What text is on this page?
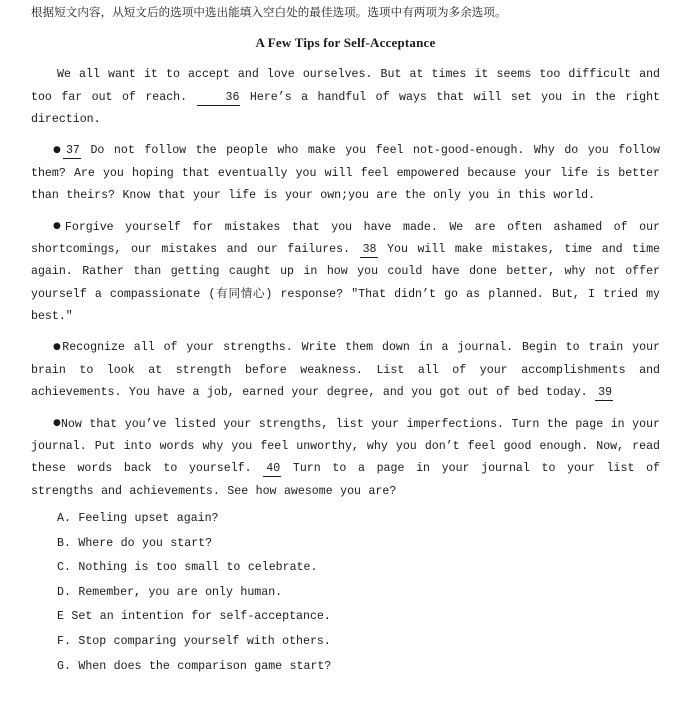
根据短文内容，从短文后的选项中选出能填入空白处的最佳选项。选项中有两项为多余选项。
A Few Tips for Self-Acceptance

We all want it to accept and love ourselves. But at times it seems too difficult and too far out of reach.	36 Here’s a handful of ways that will set you in the right direction.

● 37 Do not follow the people who make you feel not-good-enough. Why do you follow them? Are you hoping that eventually you will feel empowered because your life is better than theirs? Know that your life is your own;you are the only you in this world.

●Forgive yourself for mistakes that you have made. We are often ashamed of our shortcomings, our mistakes and our failures. 38 You will make mistakes, time and time again. Rather than getting caught up in how you could have done better, why not offer yourself a compassionate (有同情心) response? "That didn’t go as planned. But, I tried my best."

●Recognize all of your strengths. Write them down in a journal. Begin to train your brain to look at strength before weakness. List all of your accomplishments and achievements. You have a job, earned your degree, and you got out of bed today. 39

●Now that you’ve listed your strengths, list your imperfections. Turn the page in your journal. Put into words why you feel unworthy, why you don’t feel good enough. Now, read these words back to yourself. 40 Turn to a page in your journal to your list of strengths and achievements. See how awesome you are?

A. Feeling upset again?

B. Where do you start?

C. Nothing is too small to celebrate.

D. Remember, you are only human.

E Set an intention for self-acceptance.

F. Stop comparing yourself with others.

G. When does the comparison game start?
